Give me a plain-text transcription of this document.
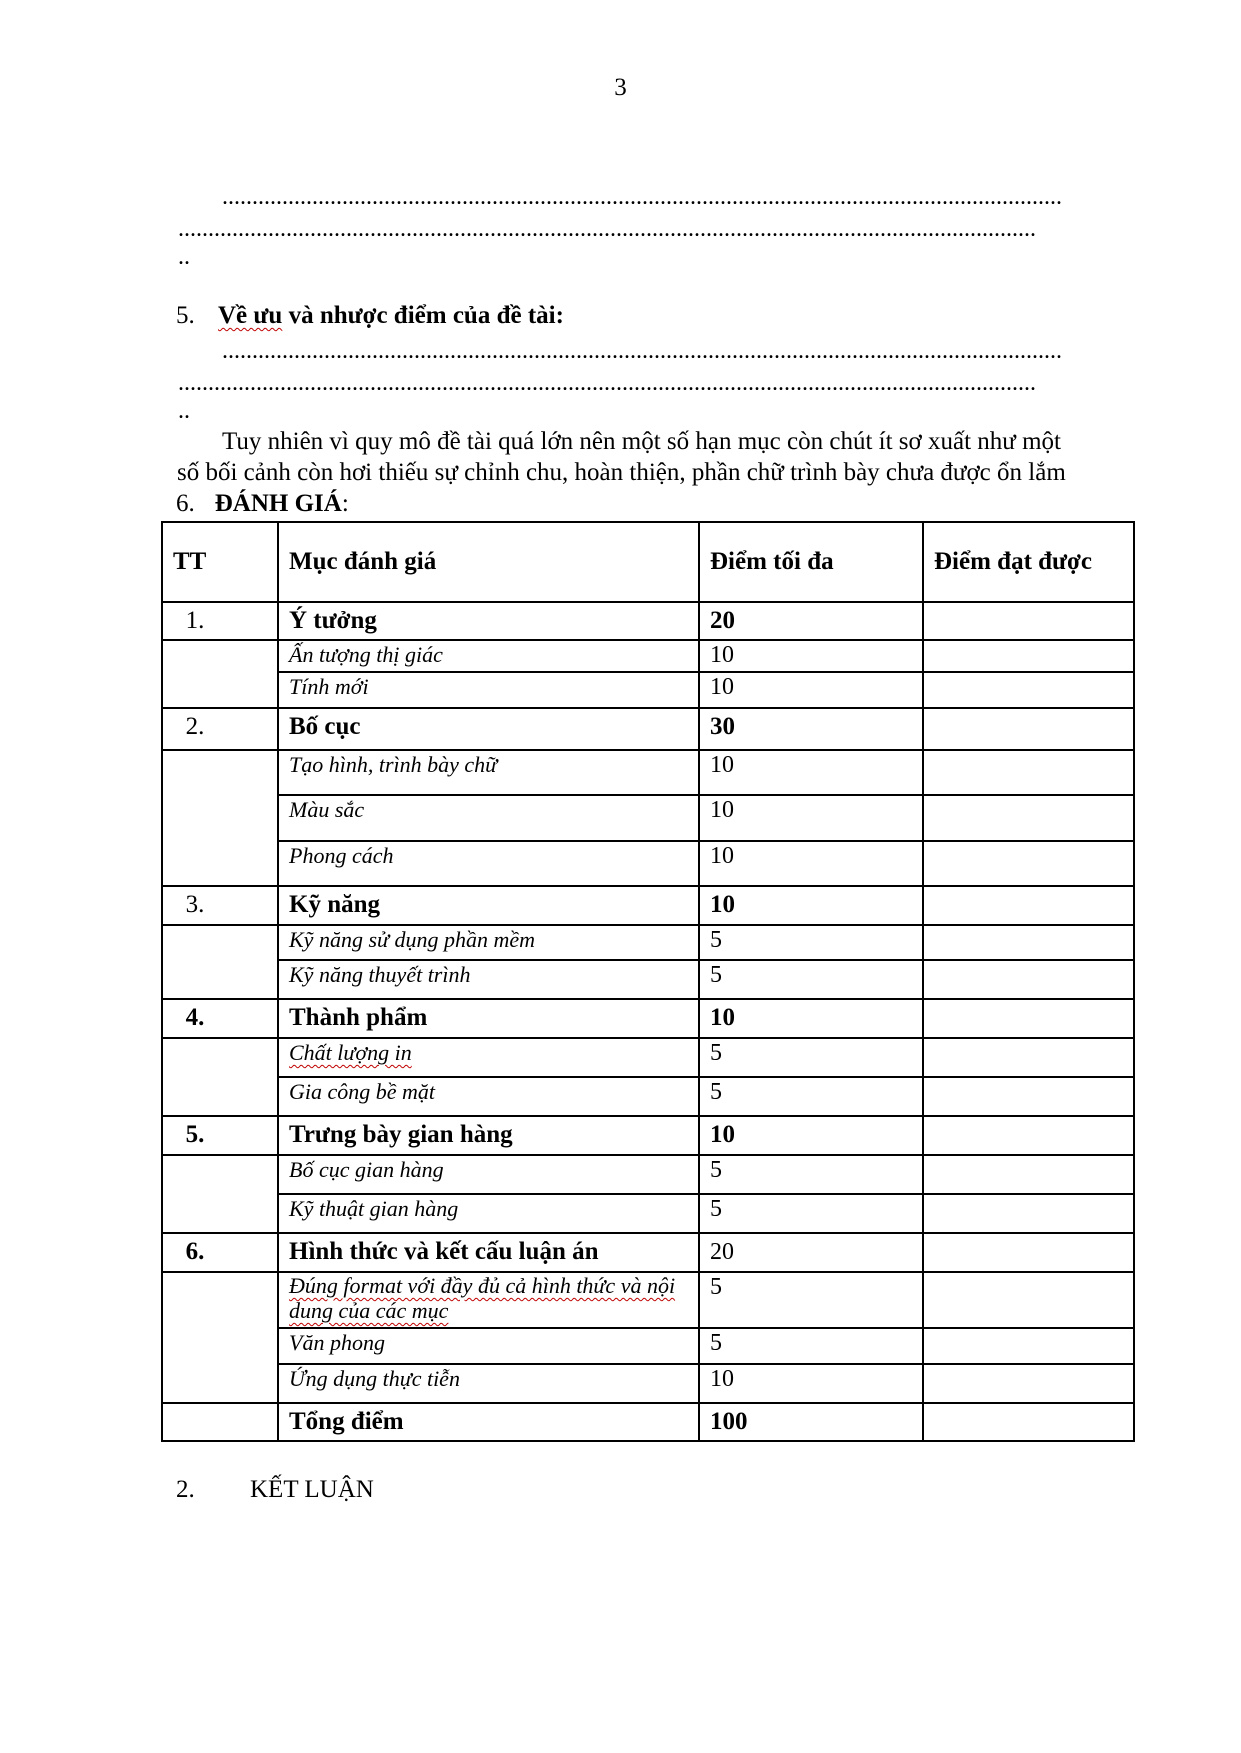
3
............................................................................................................................................
...............................................................................................................................................
..
5. Về ưu và nhược điểm của đề tài:
............................................................................................................................................
...............................................................................................................................................
..
Tuy nhiên vì quy mô đề tài quá lớn nên một số hạn mục còn chút ít sơ xuất như một
số bối cảnh còn hơi thiếu sự chỉnh chu, hoàn thiện, phần chữ trình bày chưa được ổn lắm
6. ĐÁNH GIÁ:
TT	Mục đánh giá	Điểm tối đa	Điểm đạt được
1.	Ý tưởng	20	
	Ấn tượng thị giác	10	
	Tính mới	10	
2.	Bố cục	30	
	Tạo hình, trình bày chữ	10	
	Màu sắc	10	
	Phong cách	10	
3.	Kỹ năng	10	
	Kỹ năng sử dụng phần mềm	5	
	Kỹ năng thuyết trình	5	
4.	Thành phẩm	10	
	Chất lượng in	5	
	Gia công bề mặt	5	
5.	Trưng bày gian hàng	10	
	Bố cục gian hàng	5	
	Kỹ thuật gian hàng	5	
6.	Hình thức và kết cấu luận án	20	
	Đúng format với đầy đủ cả hình thức và nội dung của các mục	5	
	Văn phong	5	
	Ứng dụng thực tiễn	10	
	Tổng điểm	100	
2. KẾT LUẬN
